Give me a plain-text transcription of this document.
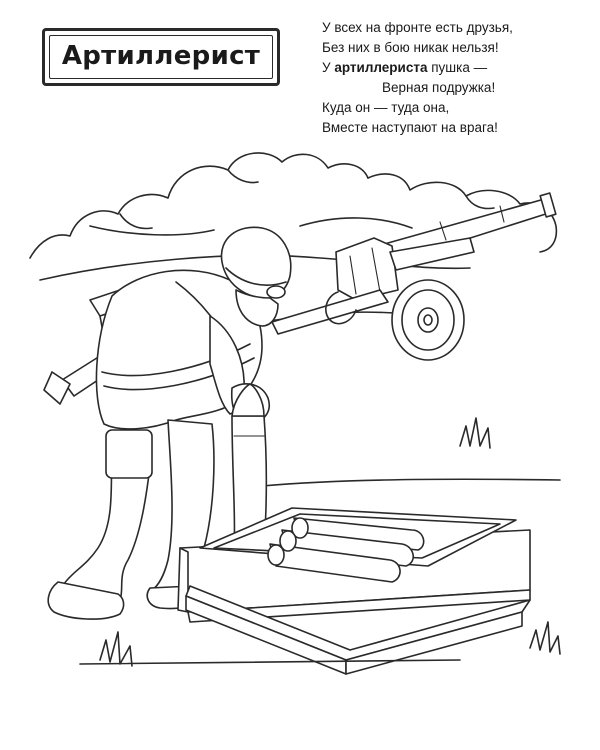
Артиллерист
У всех на фронте есть друзья,
Без них в бою никак нельзя!
У артиллериста пушка —
Верная подружка!
Куда он — туда она,
Вместе наступают на врага!
